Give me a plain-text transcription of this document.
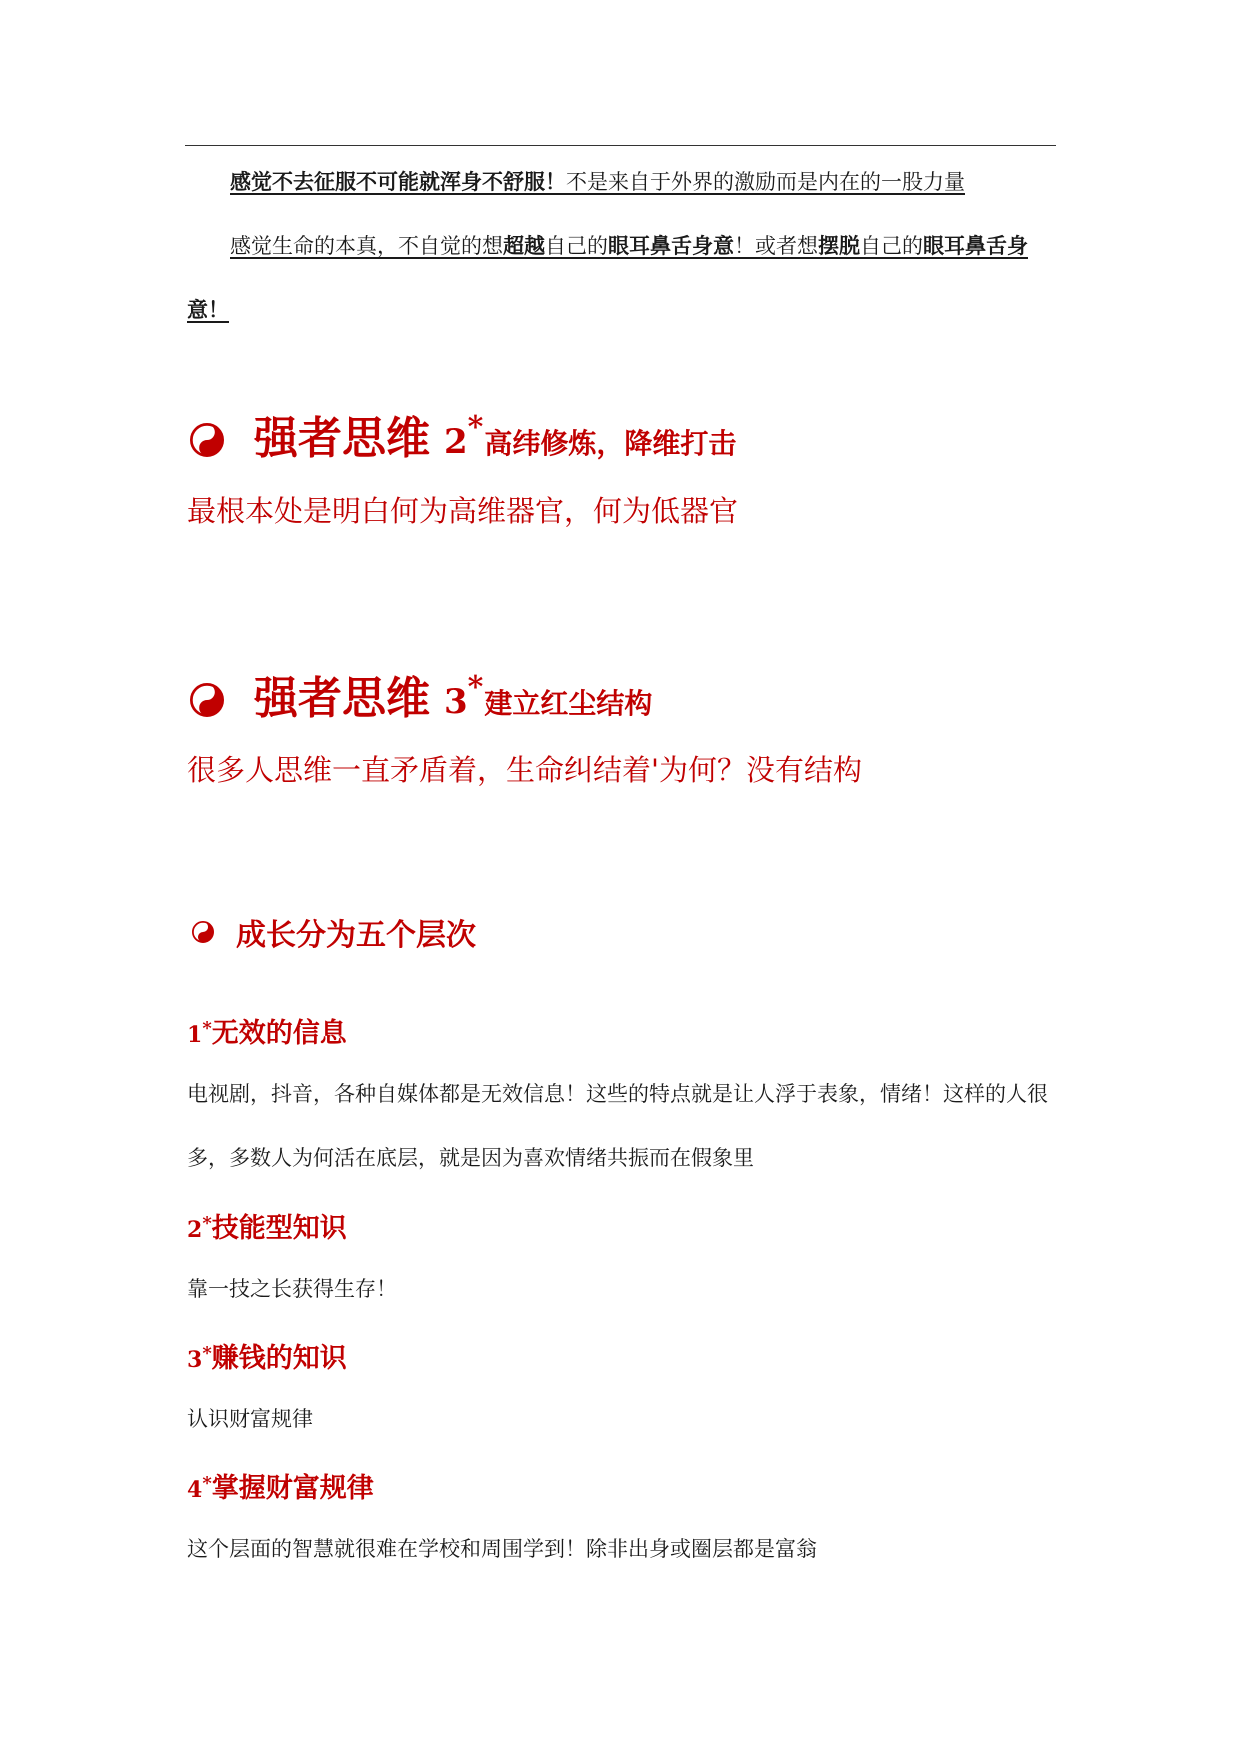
感觉不去征服不可能就浑身不舒服！不是来自于外界的激励而是内在的一股力量
感觉生命的本真，不自觉的想超越自己的眼耳鼻舌身意！或者想摆脱自己的眼耳鼻舌身意！
强者思维 2 * 高纬修炼，降维打击
最根本处是明白何为高维器官，何为低器官
强者思维 3 * 建立红尘结构
很多人思维一直矛盾着，生命纠结着'为何？没有结构
成长分为五个层次
1*无效的信息
电视剧，抖音，各种自媒体都是无效信息！这些的特点就是让人浮于表象，情绪！这样的人很多，多数人为何活在底层，就是因为喜欢情绪共振而在假象里
2*技能型知识
靠一技之长获得生存！
3*赚钱的知识
认识财富规律
4*掌握财富规律
这个层面的智慧就很难在学校和周围学到！除非出身或圈层都是富翁
